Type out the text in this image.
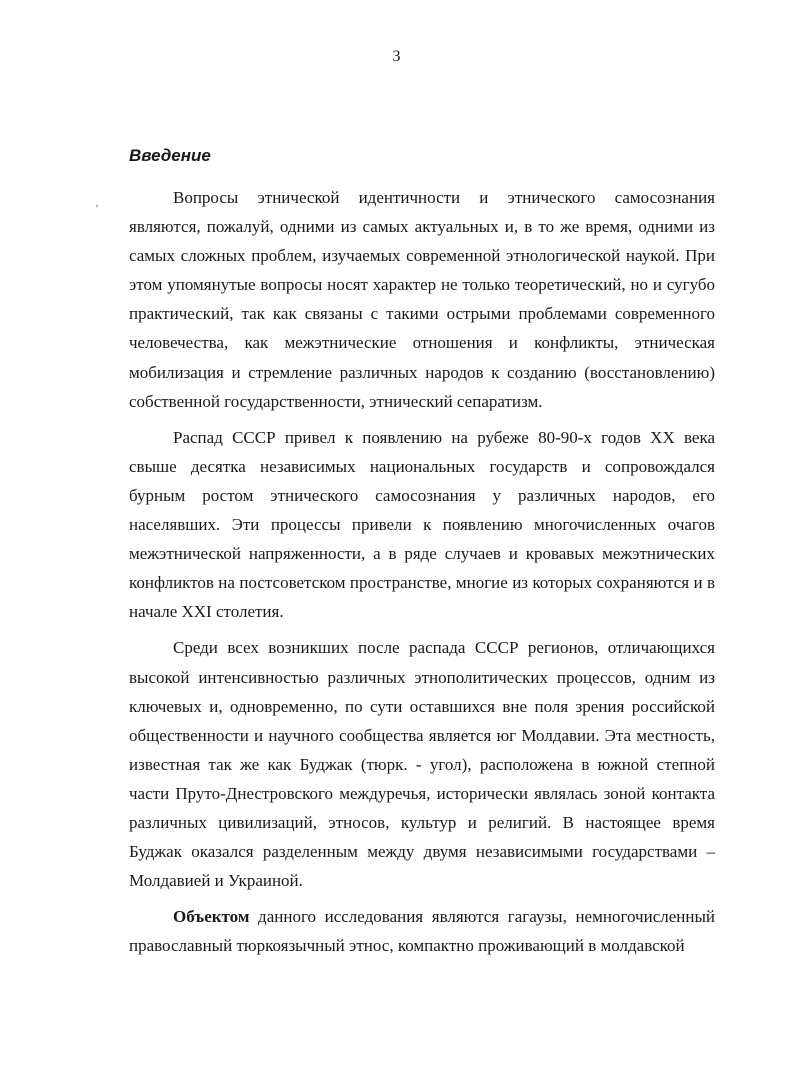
3
'
Введение

Вопросы этнической идентичности и этнического самосознания являются, пожалуй, одними из самых актуальных и, в то же время, одними из самых сложных проблем, изучаемых современной этнологической наукой. При этом упомянутые вопросы носят характер не только теоретический, но и сугубо практический, так как связаны с такими острыми проблемами современного человечества, как межэтнические отношения и конфликты, этническая мобилизация и стремление различных народов к созданию (восстановлению) собственной государственности, этнический сепаратизм.

Распад СССР привел к появлению на рубеже 80-90-х годов XX века свыше десятка независимых национальных государств и сопровождался бурным ростом этнического самосознания у различных народов, его населявших. Эти процессы привели к появлению многочисленных очагов межэтнической напряженности, а в ряде случаев и кровавых межэтнических конфликтов на постсоветском пространстве, многие из которых сохраняются и в начале XXI столетия.

Среди всех возникших после распада СССР регионов, отличающихся высокой интенсивностью различных этнополитических процессов, одним из ключевых и, одновременно, по сути оставшихся вне поля зрения российской общественности и научного сообщества является юг Молдавии. Эта местность, известная так же как Буджак (тюрк. - угол), расположена в южной степной части Пруто-Днестровского междуречья, исторически являлась зоной контакта различных цивилизаций, этносов, культур и религий. В настоящее время Буджак оказался разделенным между двумя независимыми государствами – Молдавией и Украиной.

Объектом данного исследования являются гагаузы, немногочисленный православный тюркоязычный этнос, компактно проживающий в молдавской
